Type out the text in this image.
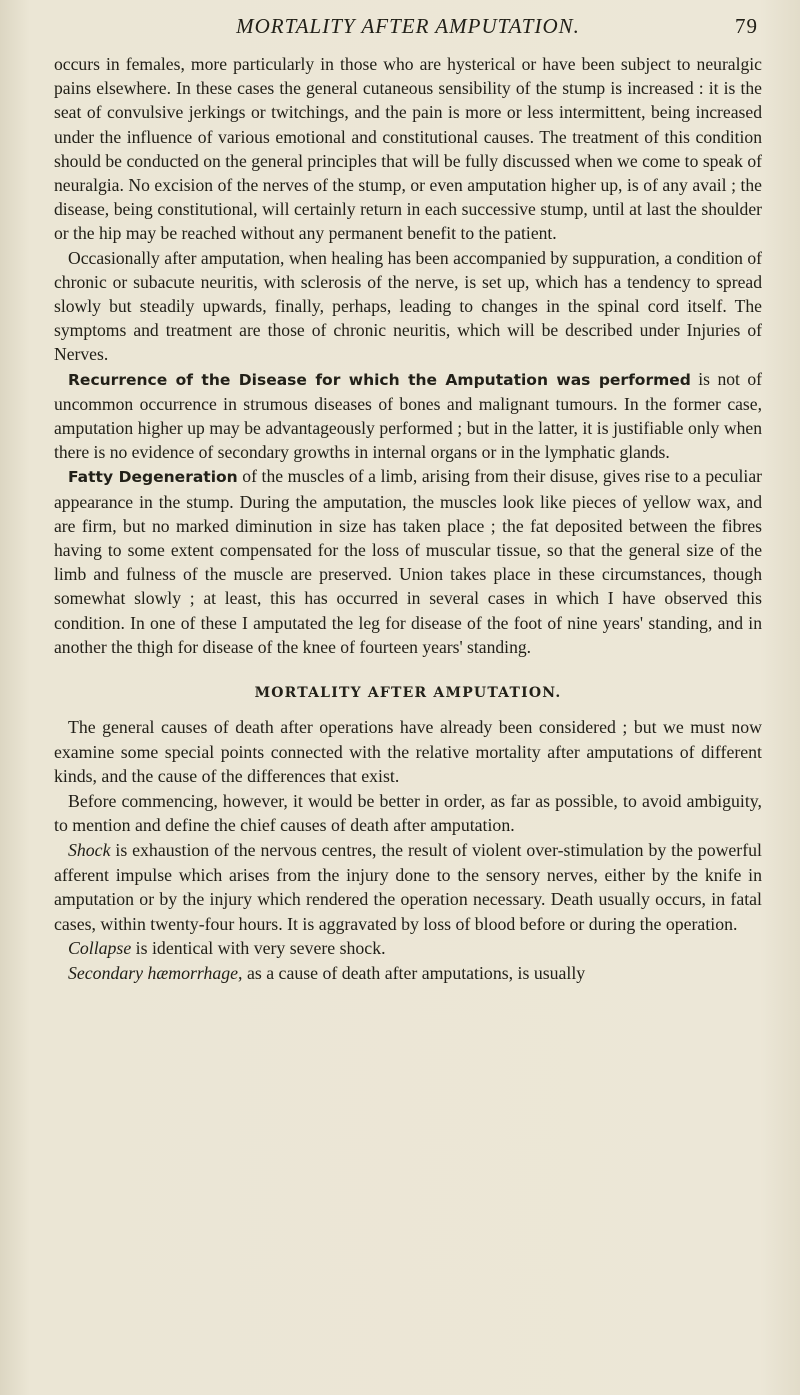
MORTALITY AFTER AMPUTATION.	79

occurs in females, more particularly in those who are hysterical or have been subject to neuralgic pains elsewhere. In these cases the general cutaneous sensibility of the stump is increased : it is the seat of convulsive jerkings or twitchings, and the pain is more or less intermittent, being increased under the influence of various emotional and constitutional causes. The treatment of this condition should be conducted on the general principles that will be fully discussed when we come to speak of neuralgia. No excision of the nerves of the stump, or even amputation higher up, is of any avail ; the disease, being constitutional, will certainly return in each successive stump, until at last the shoulder or the hip may be reached without any permanent benefit to the patient.

Occasionally after amputation, when healing has been accompanied by suppuration, a condition of chronic or subacute neuritis, with sclerosis of the nerve, is set up, which has a tendency to spread slowly but steadily upwards, finally, perhaps, leading to changes in the spinal cord itself. The symptoms and treatment are those of chronic neuritis, which will be described under Injuries of Nerves.

Recurrence of the Disease for which the Amputation was performed is not of uncommon occurrence in strumous diseases of bones and malignant tumours. In the former case, amputation higher up may be advantageously performed ; but in the latter, it is justifiable only when there is no evidence of secondary growths in internal organs or in the lymphatic glands.

Fatty Degeneration of the muscles of a limb, arising from their disuse, gives rise to a peculiar appearance in the stump. During the amputation, the muscles look like pieces of yellow wax, and are firm, but no marked diminution in size has taken place ; the fat deposited between the fibres having to some extent compensated for the loss of muscular tissue, so that the general size of the limb and fulness of the muscle are preserved. Union takes place in these circumstances, though somewhat slowly ; at least, this has occurred in several cases in which I have observed this condition. In one of these I amputated the leg for disease of the foot of nine years' standing, and in another the thigh for disease of the knee of fourteen years' standing.

MORTALITY AFTER AMPUTATION.

The general causes of death after operations have already been considered ; but we must now examine some special points connected with the relative mortality after amputations of different kinds, and the cause of the differences that exist.

Before commencing, however, it would be better in order, as far as possible, to avoid ambiguity, to mention and define the chief causes of death after amputation.

Shock is exhaustion of the nervous centres, the result of violent over-stimulation by the powerful afferent impulse which arises from the injury done to the sensory nerves, either by the knife in amputation or by the injury which rendered the operation necessary. Death usually occurs, in fatal cases, within twenty-four hours. It is aggravated by loss of blood before or during the operation.

Collapse is identical with very severe shock.

Secondary hæmorrhage, as a cause of death after amputations, is usually
